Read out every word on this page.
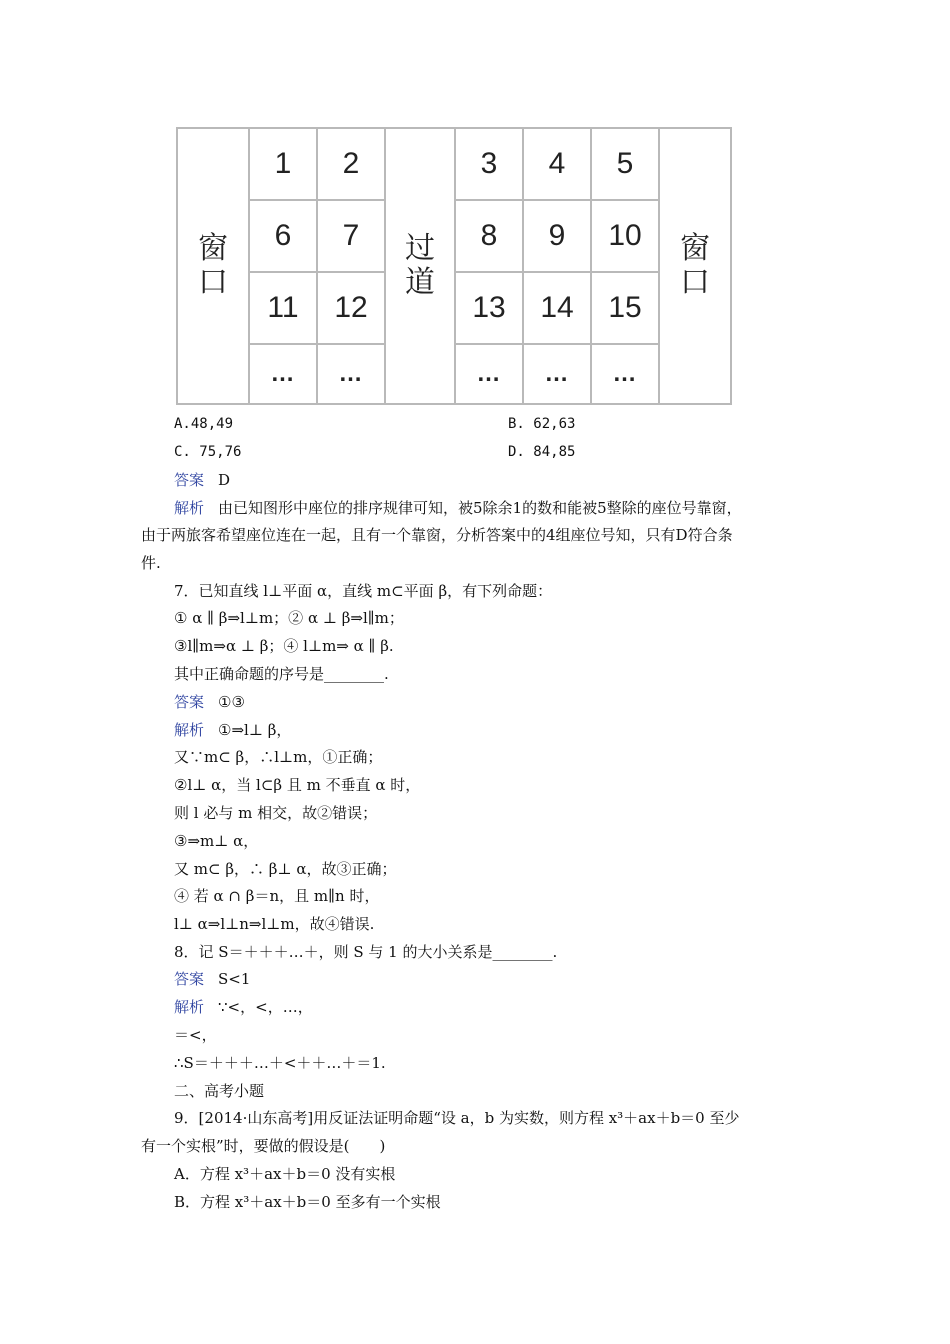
窗口	1	2	过道	3	4	5	窗口
	6	7		8	9	10	
	11	12		13	14	15	
	…	…		…	…	…	
A.48,49	B. 62,63
C. 75,76	D. 84,85
答案 D
解析 由已知图形中座位的排序规律可知，被5除余1的数和能被5整除的座位号靠窗，
由于两旅客希望座位连在一起，且有一个靠窗，分析答案中的4组座位号知，只有D符合条
件.
7．已知直线 l⊥平面 α，直线 m⊂平面 β，有下列命题：
① α ∥ β⇒l⊥m；② α ⊥ β⇒l∥m；
③l∥m⇒α ⊥ β；④ l⊥m⇒ α ∥ β.
其中正确命题的序号是________.
答案 ①③
解析 ①⇒l⊥ β，
又∵m⊂ β，∴l⊥m，①正确；
②l⊥ α，当 l⊂β 且 m 不垂直 α 时，
则 l 必与 m 相交，故②错误；
③⇒m⊥ α，
又 m⊂ β，∴ β⊥ α，故③正确；
④ 若 α ∩ β＝n，且 m∥n 时，
l⊥ α⇒l⊥n⇒l⊥m，故④错误.
8．记 S＝＋＋＋…＋，则 S 与 1 的大小关系是________.
答案 S<1
解析 ∵<，<，…，
＝<，
∴S＝＋＋＋…＋<＋＋…＋＝1.
二、高考小题
9．[2014·山东高考]用反证法证明命题“设 a，b 为实数，则方程 x³＋ax＋b＝0 至少
有一个实根”时，要做的假设是(　　)
A．方程 x³＋ax＋b＝0 没有实根
B．方程 x³＋ax＋b＝0 至多有一个实根
